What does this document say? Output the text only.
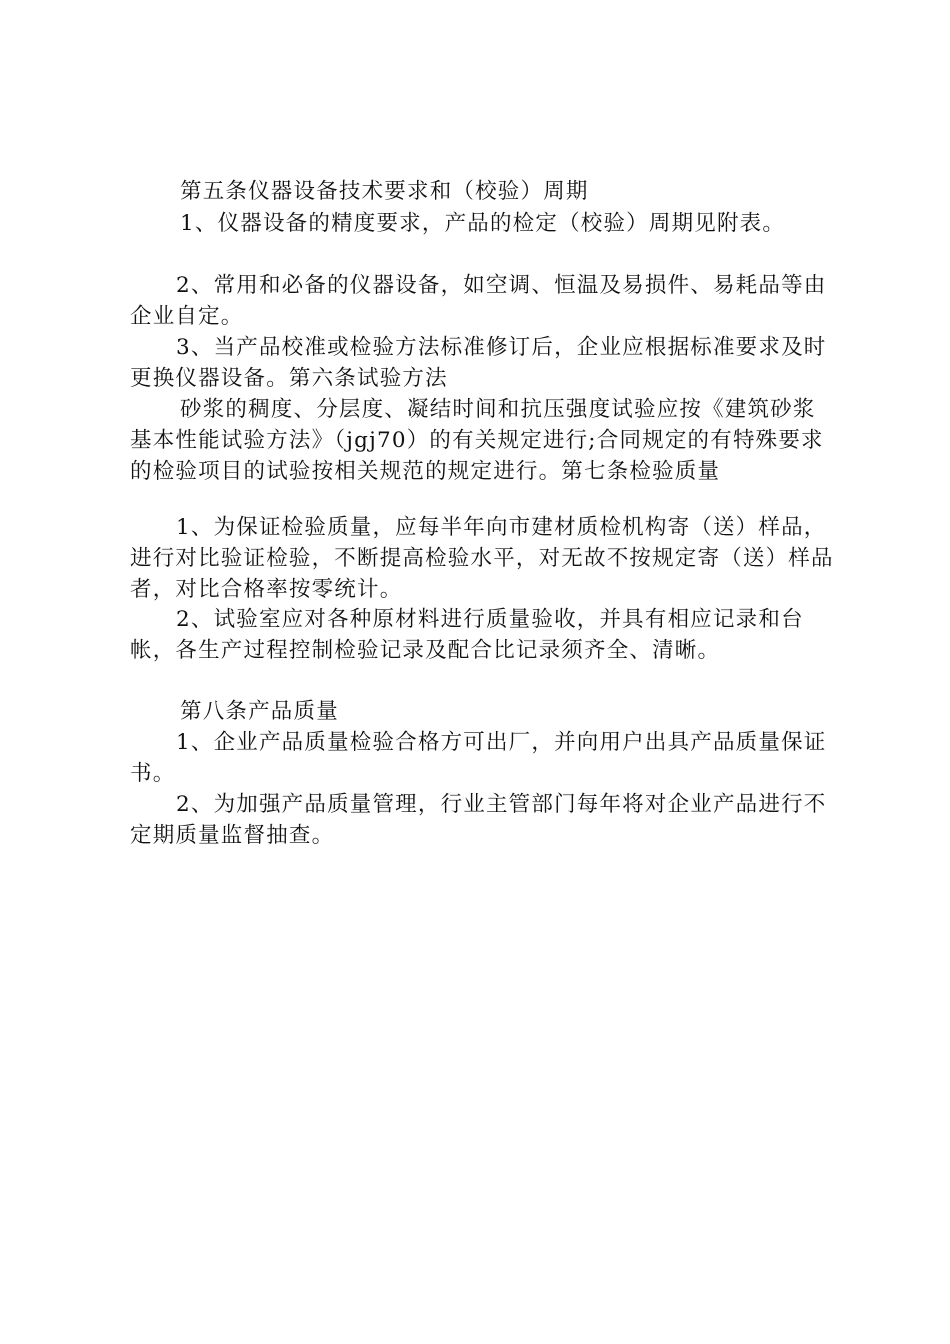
第五条仪器设备技术要求和（校验）周期

1、仪器设备的精度要求，产品的检定（校验）周期见附表。

2、常用和必备的仪器设备，如空调、恒温及易损件、易耗品等由企业自定。

3、当产品校准或检验方法标准修订后，企业应根据标准要求及时更换仪器设备。第六条试验方法

砂浆的稠度、分层度、凝结时间和抗压强度试验应按《建筑砂浆基本性能试验方法》（jgj70）的有关规定进行;合同规定的有特殊要求的检验项目的试验按相关规范的规定进行。第七条检验质量

1、为保证检验质量，应每半年向市建材质检机构寄（送）样品，进行对比验证检验，不断提高检验水平，对无故不按规定寄（送）样品者，对比合格率按零统计。

2、试验室应对各种原材料进行质量验收，并具有相应记录和台帐，各生产过程控制检验记录及配合比记录须齐全、清晰。

第八条产品质量

1、企业产品质量检验合格方可出厂，并向用户出具产品质量保证书。

2、为加强产品质量管理，行业主管部门每年将对企业产品进行不定期质量监督抽查。
